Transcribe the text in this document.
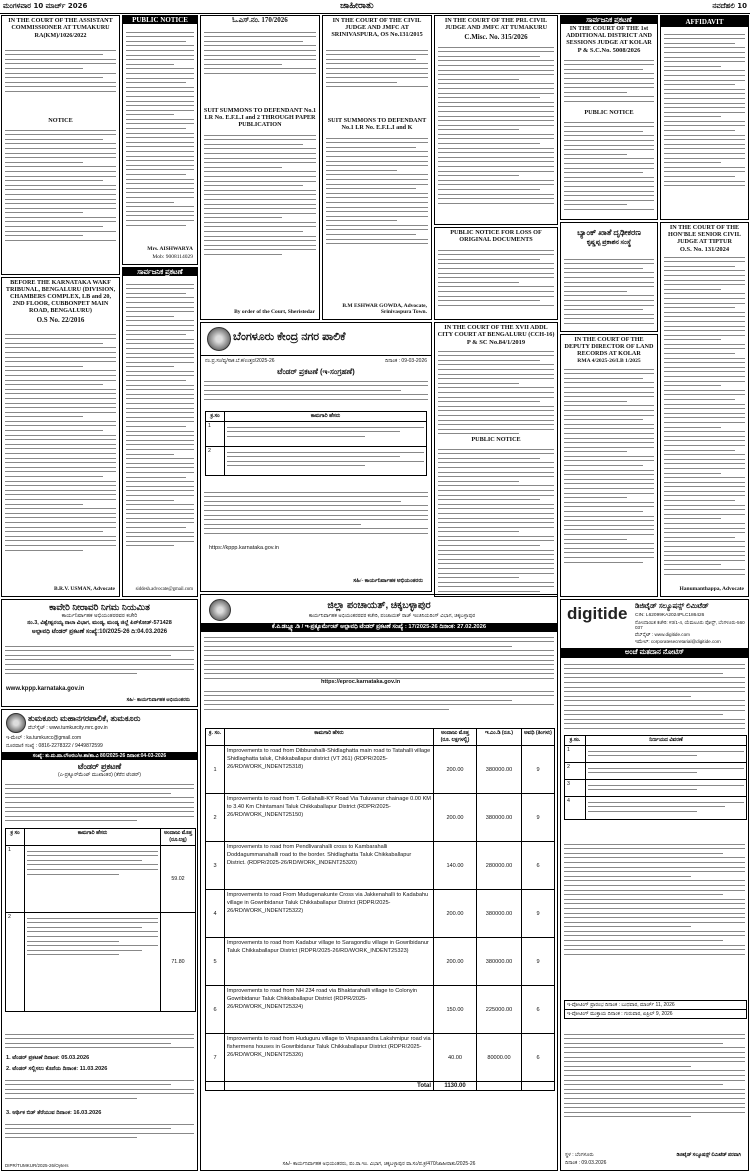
ಮಂಗಳವಾರ 10 ಮಾರ್ಚ್ 2026	ಜಾಹೀರಾತು	ನವದೆಹಲಿ 10
IN THE COURT OF THE ASSISTANT COMMISSIONER AT TUMAKURU
RA(KM)/1026/2022
NOTICE
BEFORE THE KARNATAKA WAKF TRIBUNAL, BENGALURU (DIVISION, CHAMBERS COMPLEX, LB and 20, 2ND FLOOR, CUBBONPET MAIN ROAD, BENGALURU)
O.S No. 22/2016
B.R.V. USMAN, Advocate
PUBLIC NOTICE
Mrs. AISHWARYA
Mob: 9008114029
ಸಾರ್ವಜನಿಕ ಪ್ರಕಟಣೆ
siddesh.advocate@gmail.com
ಓ.ಎಸ್.ನಂ. 170/2026
SUIT SUMMONS TO DEFENDANT No.1 LR No. E.F.L.I and 2 THROUGH PAPER PUBLICATION
By order of the Court, Sheristedar
IN THE COURT OF THE CIVIL JUDGE AND JMFC AT SRINIVASPURA, OS No.131/2015
SUIT SUMMONS TO DEFENDANT No.1 LR No. E.F.L.I and K
B.M ESHWAR GOWDA, Advocate, Srinivaspura Town.
IN THE COURT OF THE PRL CIVIL JUDGE AND JMFC AT TUMAKURU
C.Misc. No. 315/2026
PUBLIC NOTICE FOR LOSS OF ORIGINAL DOCUMENTS
IN THE COURT OF THE XVII ADDL CITY COURT AT BENGALURU (CCH-16)
P & SC No.84/1/2019
PUBLIC NOTICE
ಸಾರ್ವಜನಿಕ ಪ್ರಕಟಣೆ
IN THE COURT OF THE 1st ADDITIONAL DISTRICT AND SESSIONS JUDGE AT KOLAR
P & S.C.No. 5008/2026
PUBLIC NOTICE
ಬ್ಯಾಂಕ್ ಖಾತೆ ದೃಢೀಕರಣ
ಕೃಷ್ಣಪ್ಪ ಪ್ರಕಾಶನ ಸಂಸ್ಥೆ
IN THE COURT OF THE DEPUTY DIRECTOR OF LAND RECORDS AT KOLAR
RMA 4/2025-26/LB 1/2025
AFFIDAVIT
IN THE COURT OF THE HON'BLE SENIOR CIVIL JUDGE AT TIPTUR
O.S. No. 131/2024
Hanumanthappa, Advocate
ಬೆಂಗಳೂರು ಕೇಂದ್ರ ನಗರ ಪಾಲಿಕೆ
ನಂ.ಪ್ರ.ಸಂ/ವ್ಯ/ಸಾಕ.ಬೆ.ಕ/ಉತ್ತರ/2025-26	ದಿನಾಂಕ : 09-03-2026
ಟೆಂಡರ್ ಪ್ರಕಟಣೆ (ಇ-ಸಂಗ್ರಹಣೆ)
ಕ್ರ.ಸಂ	ಕಾಮಗಾರಿ ಹೆಸರು
1	

2	
https://kppp.karnataka.gov.in
ಸಹಿ/- ಕಾರ್ಯನಿರ್ವಾಹಕ ಅಭಿಯಂತರರು
ಕಾವೇರಿ ನೀರಾವರಿ ನಿಗಮ ನಿಯಮಿತ
ಕಾರ್ಯನಿರ್ವಾಹಕ ಅಭಿಯಂತರರವರ ಕಚೇರಿ
ನಂ.3, ವಿಶ್ವೇಶ್ವರಯ್ಯ ನಾಲಾ ವಿಭಾಗ, ಮಂಡ್ಯ, ಮಂಡ್ಯ ಜಿಲ್ಲೆ ಪಿನ್‌ಕೋಡ್-571428
ಅಲ್ಪಾವಧಿ ಟೆಂಡರ್ ಪ್ರಕಟಣೆ ಸಂಖ್ಯೆ:10/2025-26 ದಿ:04.03.2026
www.kppp.karnataka.gov.in
ಸಹಿ/- ಕಾರ್ಯನಿರ್ವಾಹಕ ಅಭಿಯಂತರರು
ತುಮಕೂರು ಮಹಾನಗರಪಾಲಿಕೆ, ತುಮಕೂರು
ವೆಬ್‌ಸೈಟ್ : www.tumkurcity.mrc.gov.in
ಇ-ಮೇಲ್ : ka.tumkurcc@gmail.com
ದೂರವಾಣಿ ಸಂಖ್ಯೆ : 0816-2278322 / 9449872599
ಸಂಖ್ಯೆ: ತು.ಮ.ಪಾ.ಲೆ/ಅರಬ/ಅ.ಶಾ/ಶಾ.ವಿ 80/2025-26 ದಿನಾಂಕ:04-03-2026
ಟೆಂಡರ್ ಪ್ರಕಟಣೆ
(ಎ-ಪ್ರಕ್ಯೂರ್‌ಮೆಂಟ್ ಮುಖಾಂತರ) (ತೆರೆದ ಟೆಂಡರ್)
ಕ್ರ ಸಂ	ಕಾಮಗಾರಿ ಹೆಸರು	ಅಂದಾಜು ಮೊತ್ತ (ರೂ.ಲಕ್ಷ)
1		59.02
2		71.80
1. ಟೆಂಡರ್ ಪ್ರಕಟಣೆ ದಿನಾಂಕ: 05.03.2026
2. ಟೆಂಡರ್ ಸಲ್ಲಿಸಲು ಕೊನೆಯ ದಿನಾಂಕ: 11.03.2026
3. ಆರ್ಥಿಕ ಬಿಡ್ ತೆರೆಯುವ ದಿನಾಂಕ: 16.03.2026
DIPR/TUMKUR/2025-26/Oyters
ಜಿಲ್ಲಾ ಪಂಚಾಯತ್, ಚಿಕ್ಕಬಳ್ಳಾಪುರ
ಕಾರ್ಯನಿರ್ವಾಹಕ ಅಭಿಯಂತರರವರ ಕಚೇರಿ, ಪಂಚಾಯತ್ ರಾಜ್ ಇಂಜಿನಿಯರಿಂಗ್ ವಿಭಾಗ, ಚಿಕ್ಕಬಳ್ಳಾಪುರ
ಕೆ.ಪಿ.ಡಬ್ಲ್ಯೂ.ಡಿ / ಇ-ಪ್ರಕ್ಯೂರ್ಮೆಂಟ್ ಅಲ್ಪಾವಧಿ ಟೆಂಡರ್ ಪ್ರಕಟಣೆ ಸಂಖ್ಯೆ : 17/2025-26 ದಿನಾಂಕ: 27.02.2026
https://eproc.karnataka.gov.in
ಕ್ರ. ಸಂ.	ಕಾಮಗಾರಿ ಹೆಸರು	ಅಂದಾಜು ಮೊತ್ತ (ರೂ. ಲಕ್ಷಗಳಲ್ಲಿ)	ಇ.ಎಂ.ಡಿ (ರೂ.)	ಅವಧಿ (ತಿಂಗಳು)
1	Improvements to road from Dibburahalli-Shidlaghatta main road to Tatahalli village Shidlaghatta taluk, Chikkaballapur district (VT 261) (RDPR/2025-26/RD/WORK_INDENT25318)	200.00	380000.00	9
2	Improvements to road from T. Gollahalli-KY Road Via Tuluvanur chainage 0.00 KM to 3.40 Km Chintamani Taluk Chikkaballapur District (RDPR/2025-26/RD/WORK_INDENT25150)	200.00	380000.00	9
3	Improvements to road from Pendlivarahalli cross to Kambarahalli Doddagummanahalli road to the border. Shidlaghatta Taluk Chikkaballapur District. (RDPR/2025-26/RD/WORK_INDENT25320)	140.00	280000.00	6
4	Improvements to road From Mudugenakunte Cross via Jakkenahalli to Kadabahu village in Gowribidanur Taluk Chikkaballapur District (RDPR/2025-26/RD/WORK_INDENT25322)	200.00	380000.00	9
5	Improvements to road from Kadabur village to Saragondlu village in Gowribidanur Taluk Chikkaballapur District (RDPR/2025-26/RD/WORK_INDENT25323)	200.00	380000.00	9
6	Improvements to road from NH 234 road via Bhaktarahalli village to Colonyin Gowribidanur Taluk Chikkaballapur District (RDPR/2025-26/RD/WORK_INDENT25324)	150.00	225000.00	6
7	Improvements to road from Huduguru village to Virupasandra Lakshmipur road via fishermens houses in Gowribidanur Taluk Chikkaballapur District (RDPR/2025-26/RD/WORK_INDENT25326)	40.00	80000.00	6
	Total	1130.00		
ಸಹಿ/- ಕಾರ್ಯನಿರ್ವಾಹಕ ಅಭಿಯಂತರರು, ಪಂ.ರಾ.ಇಂ. ವಿಭಾಗ, ಚಿಕ್ಕಬಳ್ಳಾಪುರ ವಾ.ಸಂ/ಪ.ಕ್ರ/470/ಜಾಹೀರಾತು/2025-26
digitide ಡಿಜಿಟೈಡ್ ಸಲ್ಯೂಷನ್ಸ್ ಲಿಮಿಟೆಡ್
CIN: L62099KA2024PLC186426
ನೋಂದಾಯಿತ ಕಚೇರಿ: #3/1-4, ಯೆಮಲೂರು ಪೋಸ್ಟ್, ಬೆಂಗಳೂರು-560 037
ವೆಬ್‌ಸೈಟ್ : www.digitide.com
ಇಮೇಲ್: corporatesecretarial@digitide.com
ಅಂಚೆ ಮತದಾನ ನೋಟಿಸ್
ಕ್ರ.ಸಂ.	ನಿರ್ಣಯದ ವಿವರಣೆ
1	

2	

3	

4	
ಇ-ವೋಟಿಂಗ್ ಪ್ರಾರಂಭ ದಿನಾಂಕ : ಬುಧವಾರ, ಮಾರ್ಚ್ 11, 2026
ಇ-ವೋಟಿಂಗ್ ಮುಕ್ತಾಯ ದಿನಾಂಕ : ಗುರುವಾರ, ಏಪ್ರಿಲ್ 9, 2026
ಸ್ಥಳ : ಬೆಂಗಳೂರು
ದಿನಾಂಕ : 09.03.2026
ಡಿಜಿಟೈಡ್ ಸಲ್ಯೂಷನ್ಸ್ ಲಿಮಿಟೆಡ್ ಪರವಾಗಿ
